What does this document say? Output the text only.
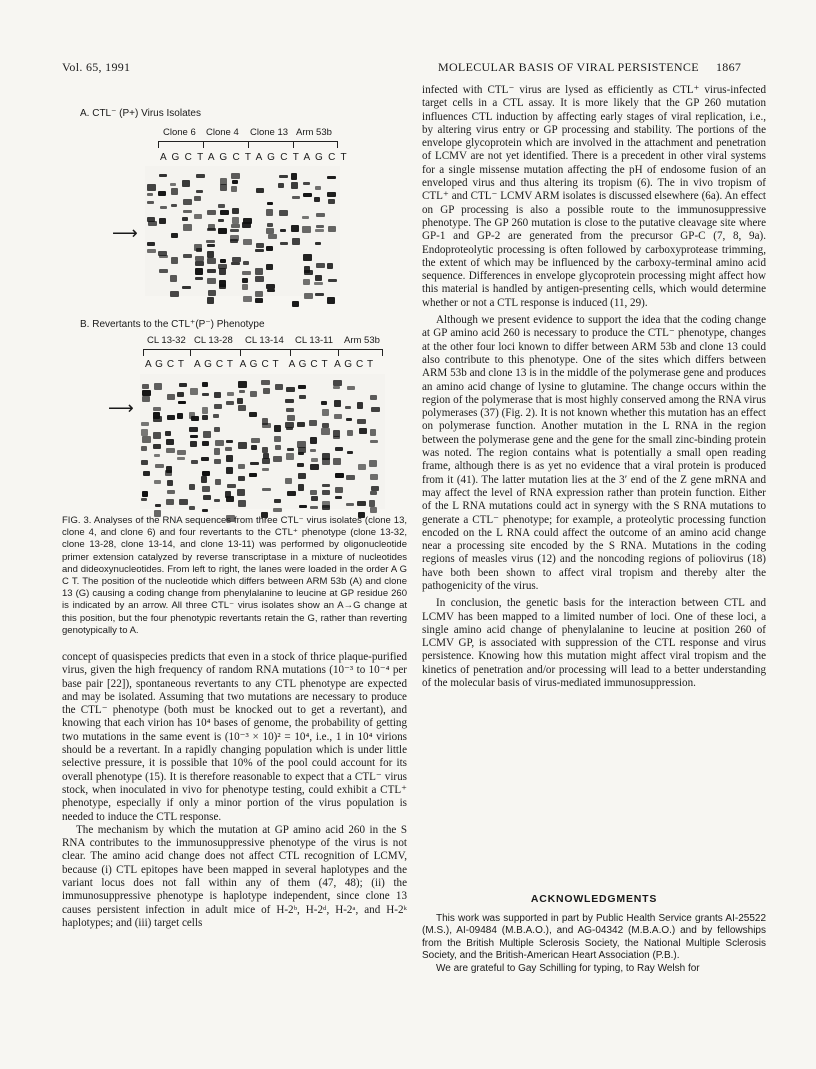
Vol. 65, 1991	MOLECULAR BASIS OF VIRAL PERSISTENCE 1867
A. CTL⁻ (P+) Virus Isolates
Clone 6 Clone 4 Clone 13 Arm 53b
A G C T A G C T A G C T A G C T
⟶
B. Revertants to the CTL⁺(P⁻) Phenotype
CL 13-32 CL 13-28 CL 13-14 CL 13-11 Arm 53b
A G C T   A G C T  A G C T   A G C T  A G C T
⟶
FIG. 3. Analyses of the RNA sequences from three CTL⁻ virus isolates (clone 13, clone 4, and clone 6) and four revertants to the CTL⁺ phenotype (clone 13-32, clone 13-28, clone 13-14, and clone 13-11) was performed by oligonucleotide primer extension catalyzed by reverse transcriptase in a mixture of nucleotides and dideoxynucleotides. From left to right, the lanes were loaded in the order A G C T. The position of the nucleotide which differs between ARM 53b (A) and clone 13 (G) causing a coding change from phenylalanine to leucine at GP residue 260 is indicated by an arrow. All three CTL⁻ virus isolates show an A→G change at this position, but the four phenotypic revertants retain the G, rather than reverting genotypically to A.

concept of quasispecies predicts that even in a stock of thrice plaque-purified virus, given the high frequency of random RNA mutations (10⁻³ to 10⁻⁴ per base pair [22]), spontaneous revertants to any CTL phenotype are expected and may be isolated. Assuming that two mutations are necessary to produce the CTL⁻ phenotype (both must be knocked out to get a revertant), and knowing that each virion has 10⁴ bases of genome, the probability of getting two mutations in the same event is (10⁻³ × 10)² = 10⁴, i.e., 1 in 10⁴ virions should be a revertant. In a rapidly changing population which is under little selective pressure, it is possible that 10% of the pool could account for its overall phenotype (15). It is therefore reasonable to expect that a CTL⁻ virus stock, when inoculated in vivo for phenotype testing, could exhibit a CTL⁺ phenotype, especially if only a minor portion of the virus population is needed to induce the CTL response.

The mechanism by which the mutation at GP amino acid 260 in the S RNA contributes to the immunosuppressive phenotype of the virus is not clear. The amino acid change does not affect CTL recognition of LCMV, because (i) CTL epitopes have been mapped in several haplotypes and the variant locus does not fall within any of them (47, 48); (ii) the immunosuppressive phenotype is haplotype independent, since clone 13 causes persistent infection in adult mice of H-2ᵇ, H-2ᵈ, H-2ᵃ, and H-2ᵏ haplotypes; and (iii) target cells

infected with CTL⁻ virus are lysed as efficiently as CTL⁺ virus-infected target cells in a CTL assay. It is more likely that the GP 260 mutation influences CTL induction by affecting early stages of viral replication, i.e., by altering virus entry or GP processing and stability. The portions of the envelope glycoprotein which are involved in the attachment and penetration of LCMV are not yet identified. There is a precedent in other viral systems for a single missense mutation affecting the pH of endosome fusion of an enveloped virus and thus altering its tropism (6). The in vivo tropism of CTL⁺ and CTL⁻ LCMV ARM isolates is discussed elsewhere (6a). An effect on GP processing is also a possible route to the immunosuppressive phenotype. The GP 260 mutation is close to the putative cleavage site where GP-1 and GP-2 are generated from the precursor GP-C (7, 8, 9a). Endoproteolytic processing is often followed by carboxyprotease trimming, the extent of which may be influenced by the carboxy-terminal amino acid sequence. Differences in envelope glycoprotein processing might affect how this material is handled by antigen-presenting cells, which would determine whether or not a CTL response is induced (11, 29).

Although we present evidence to support the idea that the coding change at GP amino acid 260 is necessary to produce the CTL⁻ phenotype, changes at the other four loci known to differ between ARM 53b and clone 13 could also contribute to this phenotype. One of the sites which differs between ARM 53b and clone 13 is in the middle of the polymerase gene and produces an amino acid change of lysine to glutamine. The change occurs within the region of the polymerase that is most highly conserved among the RNA virus polymerases (37) (Fig. 2). It is not known whether this mutation has an effect on polymerase function. Another mutation in the L RNA in the region between the polymerase gene and the gene for the small zinc-binding protein was noted. The region contains what is potentially a small open reading frame, although there is as yet no evidence that a viral protein is produced from it (41). The latter mutation lies at the 3′ end of the Z gene mRNA and may affect the level of RNA expression rather than protein function. Either of the L RNA mutations could act in synergy with the S RNA mutations to generate a CTL⁻ phenotype; for example, a proteolytic processing function encoded on the L RNA could affect the outcome of an amino acid change near a processing site encoded by the S RNA. Mutations in the coding regions of measles virus (12) and the noncoding regions of poliovirus (18) have both been shown to affect viral tropism and thereby alter the pathogenicity of the virus.

In conclusion, the genetic basis for the interaction between CTL and LCMV has been mapped to a limited number of loci. One of these loci, a single amino acid change of phenylalanine to leucine at position 260 of LCMV GP, is associated with suppression of the CTL response and virus persistence. Knowing how this mutation might affect viral tropism and the kinetics of penetration and/or processing will lead to a better understanding of the molecular basis of virus-mediated immunosuppression.

ACKNOWLEDGMENTS
This work was supported in part by Public Health Service grants AI-25522 (M.S.), AI-09484 (M.B.A.O.), and AG-04342 (M.B.A.O.) and by fellowships from the British Multiple Sclerosis Society, the National Multiple Sclerosis Society, and the British-American Heart Association (P.B.).
We are grateful to Gay Schilling for typing, to Ray Welsh for
